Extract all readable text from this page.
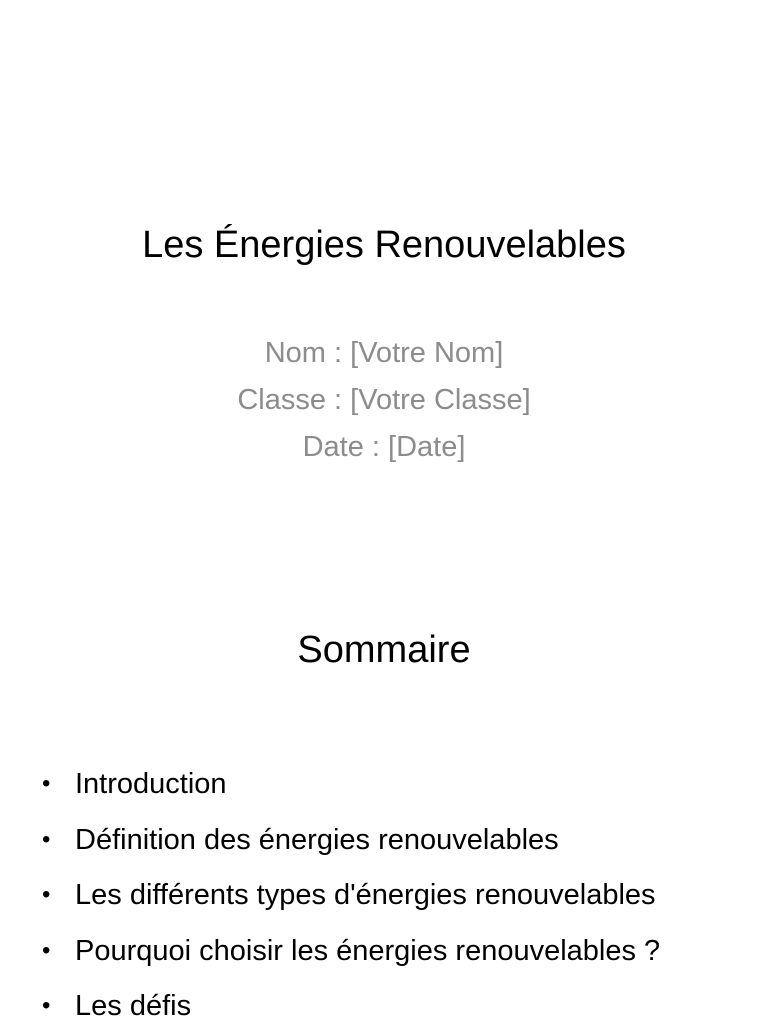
Les Énergies Renouvelables
Nom : [Votre Nom]
Classe : [Votre Classe]
Date : [Date]
Sommaire
• Introduction
• Définition des énergies renouvelables
• Les différents types d'énergies renouvelables
• Pourquoi choisir les énergies renouvelables ?
• Les défis
